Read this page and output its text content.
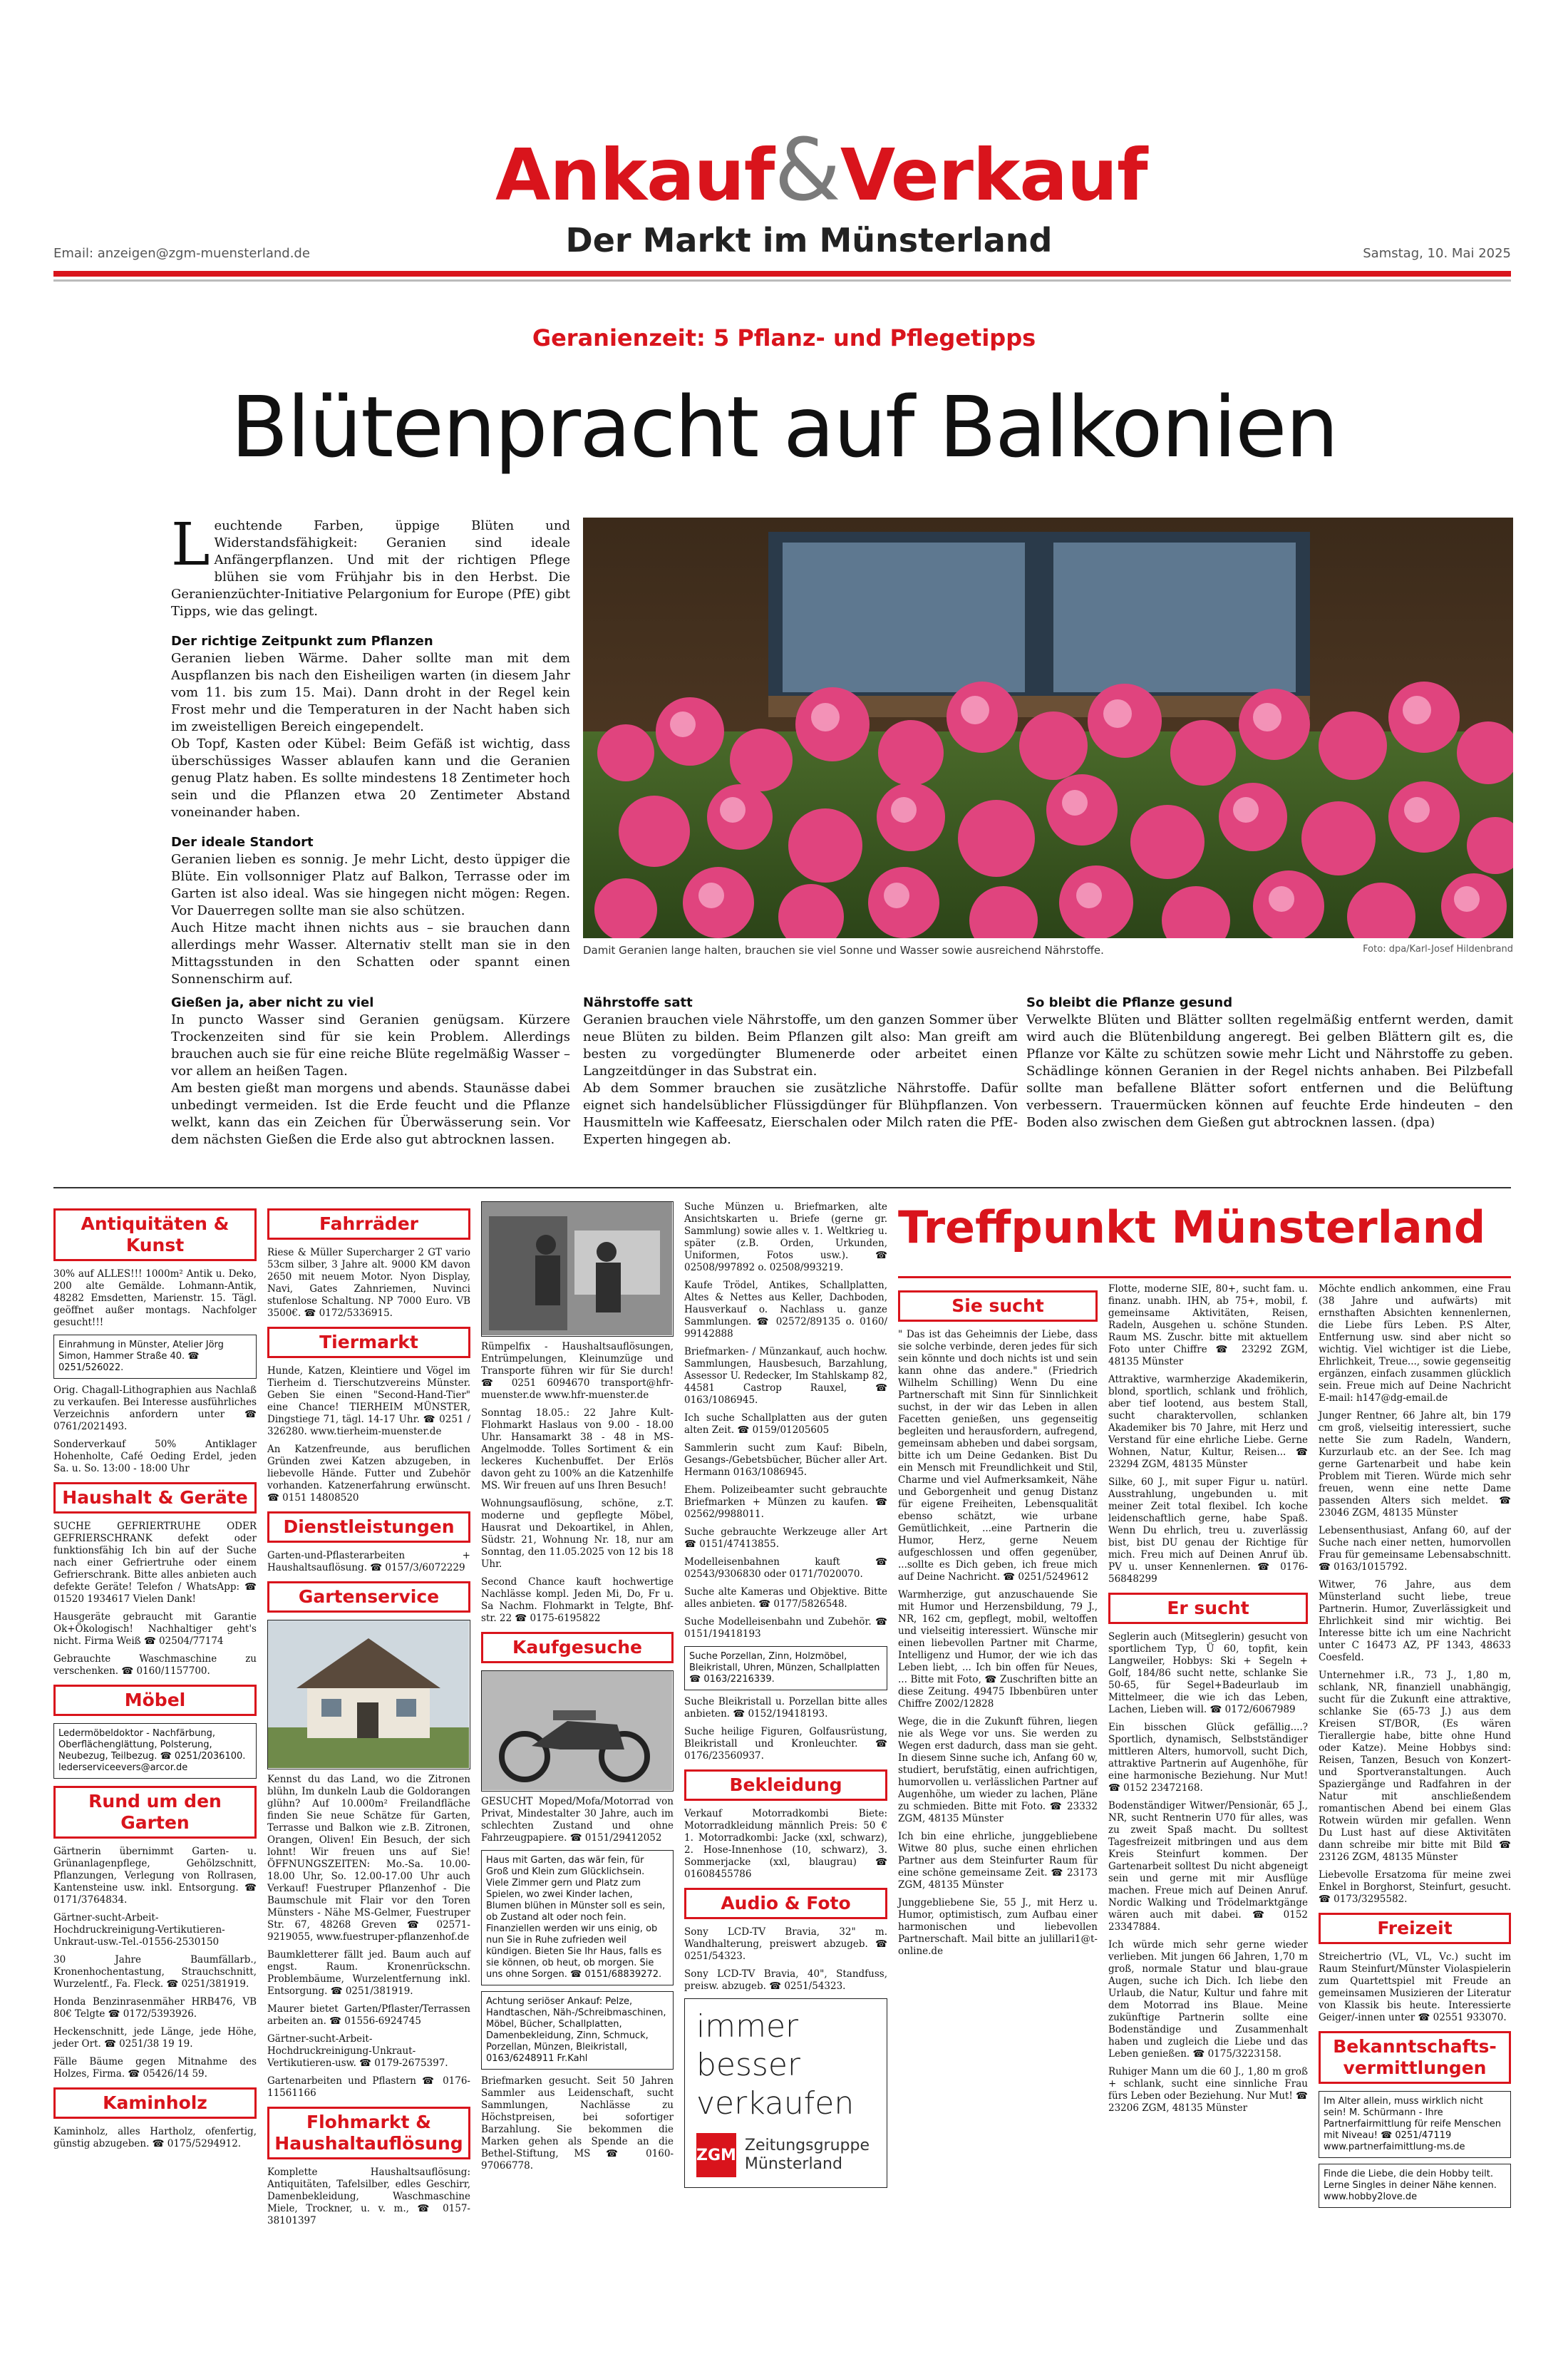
Ankauf&Verkauf
Der Markt im Münsterland
Email: anzeigen@zgm-muensterland.de	Samstag, 10. Mai 2025
Geranienzeit: 5 Pflanz- und Pflegetipps
Blütenpracht auf Balkonien

Leuchtende Farben, üppige Blüten und Widerstandsfähigkeit: Geranien sind ideale Anfängerpflanzen. Und mit der richtigen Pflege blühen sie vom Frühjahr bis in den Herbst. Die Geranienzüchter-Initiative Pelargonium for Europe (PfE) gibt Tipps, wie das gelingt.

Der richtige Zeitpunkt zum Pflanzen

Geranien lieben Wärme. Daher sollte man mit dem Auspflanzen bis nach den Eisheiligen warten (in diesem Jahr vom 11. bis zum 15. Mai). Dann droht in der Regel kein Frost mehr und die Temperaturen in der Nacht haben sich im zweistelligen Bereich eingependelt.

Ob Topf, Kasten oder Kübel: Beim Gefäß ist wichtig, dass überschüssiges Wasser ablaufen kann und die Geranien genug Platz haben. Es sollte mindestens 18 Zentimeter hoch sein und die Pflanzen etwa 20 Zentimeter Abstand voneinander haben.

Der ideale Standort

Geranien lieben es sonnig. Je mehr Licht, desto üppiger die Blüte. Ein vollsonniger Platz auf Balkon, Terrasse oder im Garten ist also ideal. Was sie hingegen nicht mögen: Regen. Vor Dauerregen sollte man sie also schützen.

Auch Hitze macht ihnen nichts aus – sie brauchen dann allerdings mehr Wasser. Alternativ stellt man sie in den Mittagsstunden in den Schatten oder spannt einen Sonnenschirm auf.

Damit Geranien lange halten, brauchen sie viel Sonne und Wasser sowie ausreichend Nährstoffe.	Foto: dpa/Karl-Josef Hildenbrand
Gießen ja, aber nicht zu viel

In puncto Wasser sind Geranien genügsam. Kürzere Trockenzeiten sind für sie kein Problem. Allerdings brauchen auch sie für eine reiche Blüte regelmäßig Wasser – vor allem an heißen Tagen.

Am besten gießt man morgens und abends. Staunässe dabei unbedingt vermeiden. Ist die Erde feucht und die Pflanze welkt, kann das ein Zeichen für Überwässerung sein. Vor dem nächsten Gießen die Erde also gut abtrocknen lassen.

Nährstoffe satt

Geranien brauchen viele Nährstoffe, um den ganzen Sommer über neue Blüten zu bilden. Beim Pflanzen gilt also: Man greift am besten zu vorgedüngter Blumenerde oder arbeitet einen Langzeitdünger in das Substrat ein.

Ab dem Sommer brauchen sie zusätzliche Nährstoffe. Dafür eignet sich handelsüblicher Flüssigdünger für Blühpflanzen. Von Hausmitteln wie Kaffeesatz, Eierschalen oder Milch raten die PfE-Experten hingegen ab.

So bleibt die Pflanze gesund

Verwelkte Blüten und Blätter sollten regelmäßig entfernt werden, damit wird auch die Blütenbildung angeregt. Bei gelben Blättern gilt es, die Pflanze vor Kälte zu schützen sowie mehr Licht und Nährstoffe zu geben. Schädlinge können Geranien in der Regel nichts anhaben. Bei Pilzbefall sollte man befallene Blätter sofort entfernen und die Belüftung verbessern. Trauermücken können auf feuchte Erde hindeuten – den Boden also zwischen dem Gießen gut abtrocknen lassen. (dpa)

Antiquitäten & Kunst
30% auf ALLES!!! 1000m² Antik u. Deko, 200 alte Gemälde. Lohmann-Antik, 48282 Emsdetten, Marienstr. 15. Tägl. geöffnet außer montags. Nachfolger gesucht!!!
Einrahmung in Münster, Atelier Jörg Simon, Hammer Straße 40. ☎ 0251/526022.
Orig. Chagall-Lithographien aus Nachlaß zu verkaufen. Bei Interesse ausführliches Verzeichnis anfordern unter ☎ 0761/2021493.
Sonderverkauf 50% Antiklager Hohenholte, Café Oeding Erdel, jeden Sa. u. So. 13:00 - 18:00 Uhr
Haushalt & Geräte
SUCHE GEFRIERTRUHE ODER GEFRIERSCHRANK defekt oder funktionsfähig Ich bin auf der Suche nach einer Gefriertruhe oder einem Gefrierschrank. Bitte alles anbieten auch defekte Geräte! Telefon / WhatsApp: ☎ 01520 1934617 Vielen Dank!
Hausgeräte gebraucht mit Garantie Ok+Ökologisch! Nachhaltiger geht's nicht. Firma Weiß ☎ 02504/77174
Gebrauchte Waschmaschine zu verschenken. ☎ 0160/1157700.
Möbel
Ledermöbeldoktor - Nachfärbung, Oberflächenglättung, Polsterung, Neubezug, Teilbezug. ☎ 0251/2036100. lederserviceevers@arcor.de
Rund um den Garten
Gärtnerin übernimmt Garten- u. Grünanlagenpflege, Gehölzschnitt, Pflanzungen, Verlegung von Rollrasen, Kantensteine usw. inkl. Entsorgung. ☎ 0171/3764834.
Gärtner-sucht-Arbeit-Hochdruckreinigung-Vertikutieren-Unkraut-usw.-Tel.-01556-2530150
30 Jahre Baumfällarb., Kronenhochentastung, Strauchschnitt, Wurzelentf., Fa. Fleck. ☎ 0251/381919.
Honda Benzinrasenmäher HRB476, VB 80€ Telgte ☎ 0172/5393926.
Heckenschnitt, jede Länge, jede Höhe, jeder Ort. ☎ 0251/38 19 19.
Fälle Bäume gegen Mitnahme des Holzes, Firma. ☎ 05426/14 59.
Kaminholz
Kaminholz, alles Hartholz, ofenfertig, günstig abzugeben. ☎ 0175/5294912.
Fahrräder
Riese & Müller Supercharger 2 GT vario 53cm silber, 3 Jahre alt. 9000 KM davon 2650 mit neuem Motor. Nyon Display, Navi, Gates Zahnriemen, Nuvinci stufenlose Schaltung. NP 7000 Euro. VB 3500€. ☎ 0172/5336915.
Tiermarkt
Hunde, Katzen, Kleintiere und Vögel im Tierheim d. Tierschutzvereins Münster. Geben Sie einen "Second-Hand-Tier" eine Chance! TIERHEIM MÜNSTER, Dingstiege 71, tägl. 14-17 Uhr. ☎ 0251 / 326280. www.tierheim-muenster.de
An Katzenfreunde, aus beruflichen Gründen zwei Katzen abzugeben, in liebevolle Hände. Futter und Zubehör vorhanden. Katzenerfahrung erwünscht. ☎ 0151 14808520
Dienstleistungen
Garten-und-Pflasterarbeiten + Haushaltsauflösung. ☎ 0157/3/6072229
Gartenservice
Kennst du das Land, wo die Zitronen blühn, Im dunkeln Laub die Goldorangen glühn? Auf 10.000m² Freilandfläche finden Sie neue Schätze für Garten, Terrasse und Balkon wie z.B. Zitronen, Orangen, Oliven! Ein Besuch, der sich lohnt! Wir freuen uns auf Sie! ÖFFNUNGSZEITEN: Mo.-Sa. 10.00-18.00 Uhr, So. 12.00-17.00 Uhr auch Verkauf! Fuestruper Pflanzenhof - Die Baumschule mit Flair vor den Toren Münsters - Nähe MS-Gelmer, Fuestruper Str. 67, 48268 Greven ☎ 02571-9219055, www.fuestruper-pflanzenhof.de
Baumkletterer fällt jed. Baum auch auf engst. Raum. Kronenrückschn. Problembäume, Wurzelentfernung inkl. Entsorgung. ☎ 0251/381919.
Maurer bietet Garten/Pflaster/Terrassen arbeiten an. ☎ 01556-6924745
Gärtner-sucht-Arbeit-Hochdruckreinigung-Unkraut-Vertikutieren-usw. ☎ 0179-2675397.
Gartenarbeiten und Pflastern ☎ 0176-11561166
Flohmarkt & Haushaltauflösung
Komplette Haushaltsauflösung: Antiquitäten, Tafelsilber, edles Geschirr, Damenbekleidung, Waschmaschine Miele, Trockner, u. v. m., ☎ 0157-38101397
Rümpelfix - Haushaltsauflösungen, Entrümpelungen, Kleinumzüge und Transporte führen wir für Sie durch! ☎ 0251 6094670 transport@hfr-muenster.de www.hfr-muenster.de
Sonntag 18.05.: 22 Jahre Kult-Flohmarkt Haslaus von 9.00 - 18.00 Uhr. Hansamarkt 38 - 48 in MS-Angelmodde. Tolles Sortiment & ein leckeres Kuchenbuffet. Der Erlös davon geht zu 100% an die Katzenhilfe MS. Wir freuen auf uns Ihren Besuch!
Wohnungsauflösung, schöne, z.T. moderne und gepflegte Möbel, Hausrat und Dekoartikel, in Ahlen, Südstr. 21, Wohnung Nr. 18, nur am Sonntag, den 11.05.2025 von 12 bis 18 Uhr.
Second Chance kauft hochwertige Nachlässe kompl. Jeden Mi, Do, Fr u. Sa Nachm. Flohmarkt in Telgte, Bhf-str. 22 ☎ 0175-6195822
Kaufgesuche
GESUCHT Moped/Mofa/Motorrad von Privat, Mindestalter 30 Jahre, auch im schlechten Zustand und ohne Fahrzeugpapiere. ☎ 0151/29412052
Haus mit Garten, das wär fein, für Groß und Klein zum Glücklichsein. Viele Zimmer gern und Platz zum Spielen, wo zwei Kinder lachen, Blumen blühen in Münster soll es sein, ob Zustand alt oder noch fein. Finanziellen werden wir uns einig, ob nun Sie in Ruhe zufrieden weil kündigen. Bieten Sie Ihr Haus, falls es sie können, ob heut, ob morgen. Sie uns ohne Sorgen. ☎ 0151/68839272.
Achtung seriöser Ankauf: Pelze, Handtaschen, Näh-/Schreibmaschinen, Möbel, Bücher, Schallplatten, Damenbekleidung, Zinn, Schmuck, Porzellan, Münzen, Bleikristall, 0163/6248911 Fr.Kahl
Briefmarken gesucht. Seit 50 Jahren Sammler aus Leidenschaft, sucht Sammlungen, Nachlässe zu Höchstpreisen, bei sofortiger Barzahlung. Sie bekommen die Marken gehen als Spende an die Bethel-Stiftung, MS ☎ 0160-97066778.
Suche Münzen u. Briefmarken, alte Ansichtskarten u. Briefe (gerne gr. Sammlung) sowie alles v. 1. Weltkrieg u. später (z.B. Orden, Urkunden, Uniformen, Fotos usw.). ☎ 02508/997892 o. 02508/993219.
Kaufe Trödel, Antikes, Schallplatten, Altes & Nettes aus Keller, Dachboden, Hausverkauf o. Nachlass u. ganze Sammlungen. ☎ 02572/89135 o. 0160/ 99142888
Briefmarken- / Münzankauf, auch hochw. Sammlungen, Hausbesuch, Barzahlung, Assessor U. Redecker, Im Stahlskamp 82, 44581 Castrop Rauxel, ☎ 0163/1086945.
Ich suche Schallplatten aus der guten alten Zeit. ☎ 0159/01205605
Sammlerin sucht zum Kauf: Bibeln, Gesangs-/Gebetsbücher, Bücher aller Art. Hermann 0163/1086945.
Ehem. Polizeibeamter sucht gebrauchte Briefmarken + Münzen zu kaufen. ☎ 02562/9988011.
Suche gebrauchte Werkzeuge aller Art ☎ 0151/47413855.
Modelleisenbahnen kauft ☎ 02543/9306830 oder 0171/7020070.
Suche alte Kameras und Objektive. Bitte alles anbieten. ☎ 0177/5826548.
Suche Modelleisenbahn und Zubehör. ☎ 0151/19418193
Suche Porzellan, Zinn, Holzmöbel, Bleikristall, Uhren, Münzen, Schallplatten ☎ 0163/2216339.
Suche Bleikristall u. Porzellan bitte alles anbieten. ☎ 0152/19418193.
Suche heilige Figuren, Golfausrüstung, Bleikristall und Kronleuchter. ☎ 0176/23560937.
Bekleidung
Verkauf Motorradkombi Biete: Motorradkleidung männlich Preis: 50 € 1. Motorradkombi: Jacke (xxl, schwarz), 2. Hose-Innenhose (10, schwarz), 3. Sommerjacke (xxl, blaugrau) ☎ 01608455786
Audio & Foto
Sony LCD-TV Bravia, 32" m. Wandhalterung, preiswert abzugeb. ☎ 0251/54323.
Sony LCD-TV Bravia, 40", Standfuss, preisw. abzugeb. ☎ 0251/54323.
immer besser verkaufen
ZGM
Zeitungsgruppe Münsterland
Treffpunkt Münsterland
Sie sucht
" Das ist das Geheimnis der Liebe, dass sie solche verbinde, deren jedes für sich sein könnte und doch nichts ist und sein kann ohne das andere." (Friedrich Wilhelm Schilling) Wenn Du eine Partnerschaft mit Sinn für Sinnlichkeit suchst, in der wir das Leben in allen Facetten genießen, uns gegenseitig begleiten und herausfordern, aufregend, gemeinsam abheben und dabei sorgsam, bitte ich um Deine Gedanken. Bist Du ein Mensch mit Freundlichkeit und Stil, Charme und viel Aufmerksamkeit, Nähe und Geborgenheit und genug Distanz für eigene Freiheiten, Lebensqualität ebenso schätzt, wie urbane Gemütlichkeit, ...eine Partnerin die Humor, Herz, gerne Neuem aufgeschlossen und offen gegenüber, ...sollte es Dich geben, ich freue mich auf Deine Nachricht. ☎ 0251/5249612
Warmherzige, gut anzuschauende Sie mit Humor und Herzensbildung, 79 J., NR, 162 cm, gepflegt, mobil, weltoffen und vielseitig interessiert. Wünsche mir einen liebevollen Partner mit Charme, Intelligenz und Humor, der wie ich das Leben liebt, ... Ich bin offen für Neues, ... Bitte mit Foto, ☎ Zuschriften bitte an diese Zeitung. 49475 Ibbenbüren unter Chiffre Z002/12828
Wege, die in die Zukunft führen, liegen nie als Wege vor uns. Sie werden zu Wegen erst dadurch, dass man sie geht. In diesem Sinne suche ich, Anfang 60 w, studiert, berufstätig, einen aufrichtigen, humorvollen u. verlässlichen Partner auf Augenhöhe, um wieder zu lachen, Pläne zu schmieden. Bitte mit Foto. ☎ 23332 ZGM, 48135 Münster
Ich bin eine ehrliche, junggebliebene Witwe 80 plus, suche einen ehrlichen Partner aus dem Steinfurter Raum für eine schöne gemeinsame Zeit. ☎ 23173 ZGM, 48135 Münster
Junggebliebene Sie, 55 J., mit Herz u. Humor, optimistisch, zum Aufbau einer harmonischen und liebevollen Partnerschaft. Mail bitte an julillari1@t-online.de
Flotte, moderne SIE, 80+, sucht fam. u. finanz. unabh. IHN, ab 75+, mobil, f. gemeinsame Aktivitäten, Reisen, Radeln, Ausgehen u. schöne Stunden. Raum MS. Zuschr. bitte mit aktuellem Foto unter Chiffre ☎ 23292 ZGM, 48135 Münster
Attraktive, warmherzige Akademikerin, blond, sportlich, schlank und fröhlich, aber tief lootend, aus bestem Stall, sucht charaktervollen, schlanken Akademiker bis 70 Jahre, mit Herz und Verstand für eine ehrliche Liebe. Gerne Wohnen, Natur, Kultur, Reisen... ☎ 23294 ZGM, 48135 Münster
Silke, 60 J., mit super Figur u. natürl. Ausstrahlung, ungebunden u. mit meiner Zeit total flexibel. Ich koche leidenschaftlich gerne, habe Spaß. Wenn Du ehrlich, treu u. zuverlässig bist, bist DU genau der Richtige für mich. Freu mich auf Deinen Anruf üb. PV u. unser Kennenlernen. ☎ 0176-56848299
Er sucht
Seglerin auch (Mitseglerin) gesucht von sportlichem Typ, Ü 60, topfit, kein Langweiler, Hobbys: Ski + Segeln + Golf, 184/86 sucht nette, schlanke Sie 50-65, für Segel+Badeurlaub im Mittelmeer, die wie ich das Leben, Lachen, Lieben will. ☎ 0172/6067989
Ein bisschen Glück gefällig....? Sportlich, dynamisch, Selbstständiger mittleren Alters, humorvoll, sucht Dich, attraktive Partnerin auf Augenhöhe, für eine harmonische Beziehung. Nur Mut! ☎ 0152 23472168.
Bodenständiger Witwer/Pensionär, 65 J., NR, sucht Rentnerin U70 für alles, was zu zweit Spaß macht. Du solltest Tagesfreizeit mitbringen und aus dem Kreis Steinfurt kommen. Der Gartenarbeit solltest Du nicht abgeneigt sein und gerne mit mir Ausflüge machen. Freue mich auf Deinen Anruf. Nordic Walking und Trödelmarktgänge wären auch mit dabei. ☎ 0152 23347884.
Ich würde mich sehr gerne wieder verlieben. Mit jungen 66 Jahren, 1,70 m groß, normale Statur und blau-graue Augen, suche ich Dich. Ich liebe den Urlaub, die Natur, Kultur und fahre mit dem Motorrad ins Blaue. Meine zukünftige Partnerin sollte eine Bodenständige und Zusammenhalt haben und zugleich die Liebe und das Leben genießen. ☎ 0175/3223158.
Ruhiger Mann um die 60 J., 1,80 m groß + schlank, sucht eine sinnliche Frau fürs Leben oder Beziehung. Nur Mut! ☎ 23206 ZGM, 48135 Münster
Möchte endlich ankommen, eine Frau (38 Jahre und aufwärts) mit ernsthaften Absichten kennenlernen, die Liebe fürs Leben. P.S Alter, Entfernung usw. sind aber nicht so wichtig. Viel wichtiger ist die Liebe, Ehrlichkeit, Treue..., sowie gegenseitig ergänzen, einfach zusammen glücklich sein. Freue mich auf Deine Nachricht E-mail: h147@dg-email.de
Junger Rentner, 66 Jahre alt, bin 179 cm groß, vielseitig interessiert, suche nette Sie zum Radeln, Wandern, Kurzurlaub etc. an der See. Ich mag gerne Gartenarbeit und habe kein Problem mit Tieren. Würde mich sehr freuen, wenn eine nette Dame passenden Alters sich meldet. ☎ 23046 ZGM, 48135 Münster
Lebensenthusiast, Anfang 60, auf der Suche nach einer netten, humorvollen Frau für gemeinsame Lebensabschnitt. ☎ 0163/1015792.
Witwer, 76 Jahre, aus dem Münsterland sucht liebe, treue Partnerin. Humor, Zuverlässigkeit und Ehrlichkeit sind mir wichtig. Bei Interesse bitte ich um eine Nachricht unter C 16473 AZ, PF 1343, 48633 Coesfeld.
Unternehmer i.R., 73 J., 1,80 m, schlank, NR, finanziell unabhängig, sucht für die Zukunft eine attraktive, schlanke Sie (65-73 J.) aus dem Kreisen ST/BOR, (Es wären Tierallergie habe, bitte ohne Hund oder Katze). Meine Hobbys sind: Reisen, Tanzen, Besuch von Konzert- und Sportveranstaltungen. Auch Spaziergänge und Radfahren in der Natur mit anschließendem romantischen Abend bei einem Glas Rotwein würden mir gefallen. Wenn Du Lust hast auf diese Aktivitäten dann schreibe mir bitte mit Bild ☎ 23126 ZGM, 48135 Münster
Liebevolle Ersatzoma für meine zwei Enkel in Borghorst, Steinfurt, gesucht. ☎ 0173/3295582.
Freizeit
Streichertrio (VL, VL, Vc.) sucht im Raum Steinfurt/Münster Violaspielerin zum Quartettspiel mit Freude an gemeinsamen Musizieren der Literatur von Klassik bis heute. Interessierte Geiger/-innen unter ☎ 02551 933070.
Bekanntschafts-vermittlungen
Im Alter allein, muss wirklich nicht sein! M. Schürmann - Ihre Partnerfairmittlung für reife Menschen mit Niveau! ☎ 0251/47119 www.partnerfaimittlung-ms.de
Finde die Liebe, die dein Hobby teilt. Lerne Singles in deiner Nähe kennen. www.hobby2love.de
